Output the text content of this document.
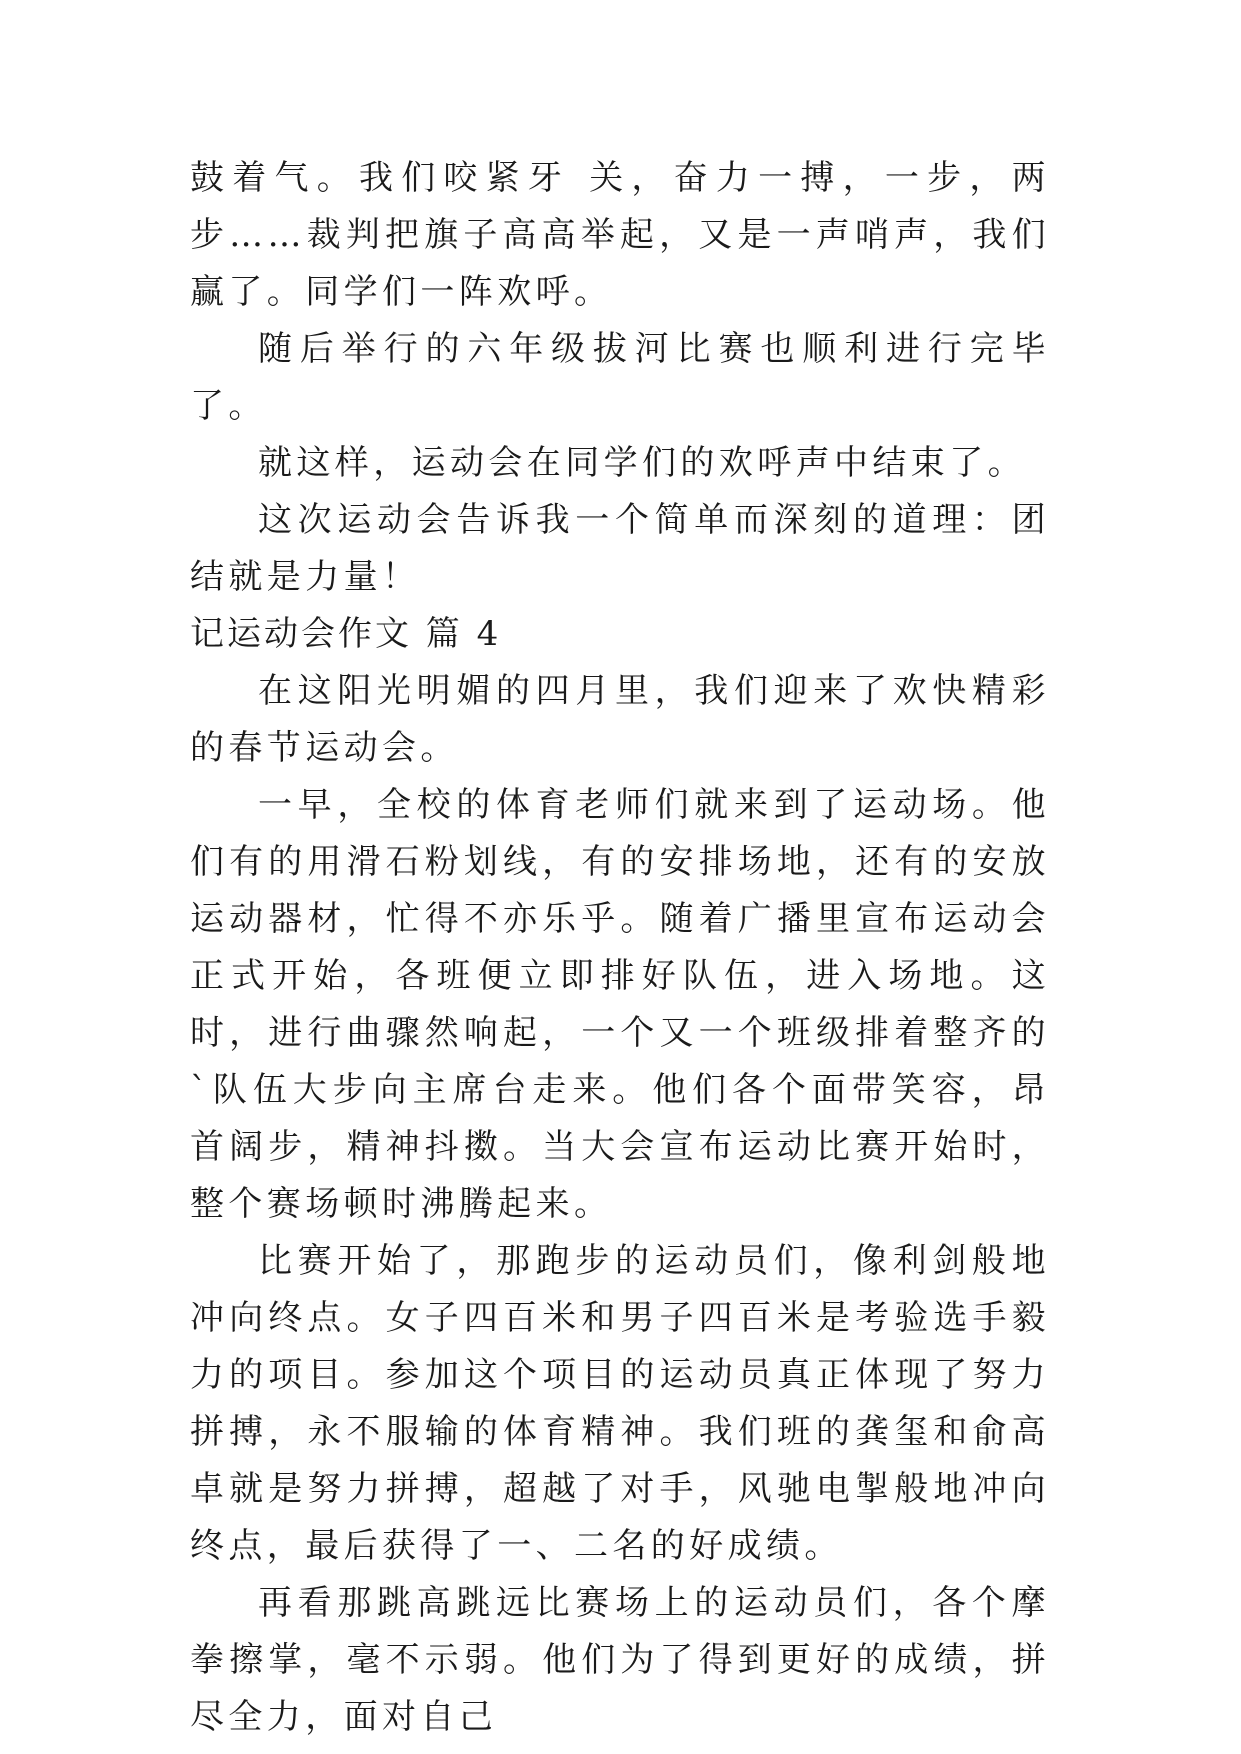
鼓着气。我们咬紧牙 关，奋力一搏，一步，两步……裁判把旗子高高举起，又是一声哨声，我们赢了。同学们一阵欢呼。

随后举行的六年级拔河比赛也顺利进行完毕了。

就这样，运动会在同学们的欢呼声中结束了。

这次运动会告诉我一个简单而深刻的道理：团结就是力量！

记运动会作文 篇 4

在这阳光明媚的四月里，我们迎来了欢快精彩的春节运动会。

一早，全校的体育老师们就来到了运动场。他们有的用滑石粉划线，有的安排场地，还有的安放运动器材，忙得不亦乐乎。随着广播里宣布运动会正式开始，各班便立即排好队伍，进入场地。这时，进行曲骤然响起，一个又一个班级排着整齐的`队伍大步向主席台走来。他们各个面带笑容，昂首阔步，精神抖擞。当大会宣布运动比赛开始时，整个赛场顿时沸腾起来。

比赛开始了，那跑步的运动员们，像利剑般地冲向终点。女子四百米和男子四百米是考验选手毅力的项目。参加这个项目的运动员真正体现了努力拼搏，永不服输的体育精神。我们班的龚玺和俞高卓就是努力拼搏，超越了对手，风驰电掣般地冲向终点，最后获得了一、二名的好成绩。

再看那跳高跳远比赛场上的运动员们，各个摩拳擦掌，毫不示弱。他们为了得到更好的成绩，拼尽全力，面对自己
